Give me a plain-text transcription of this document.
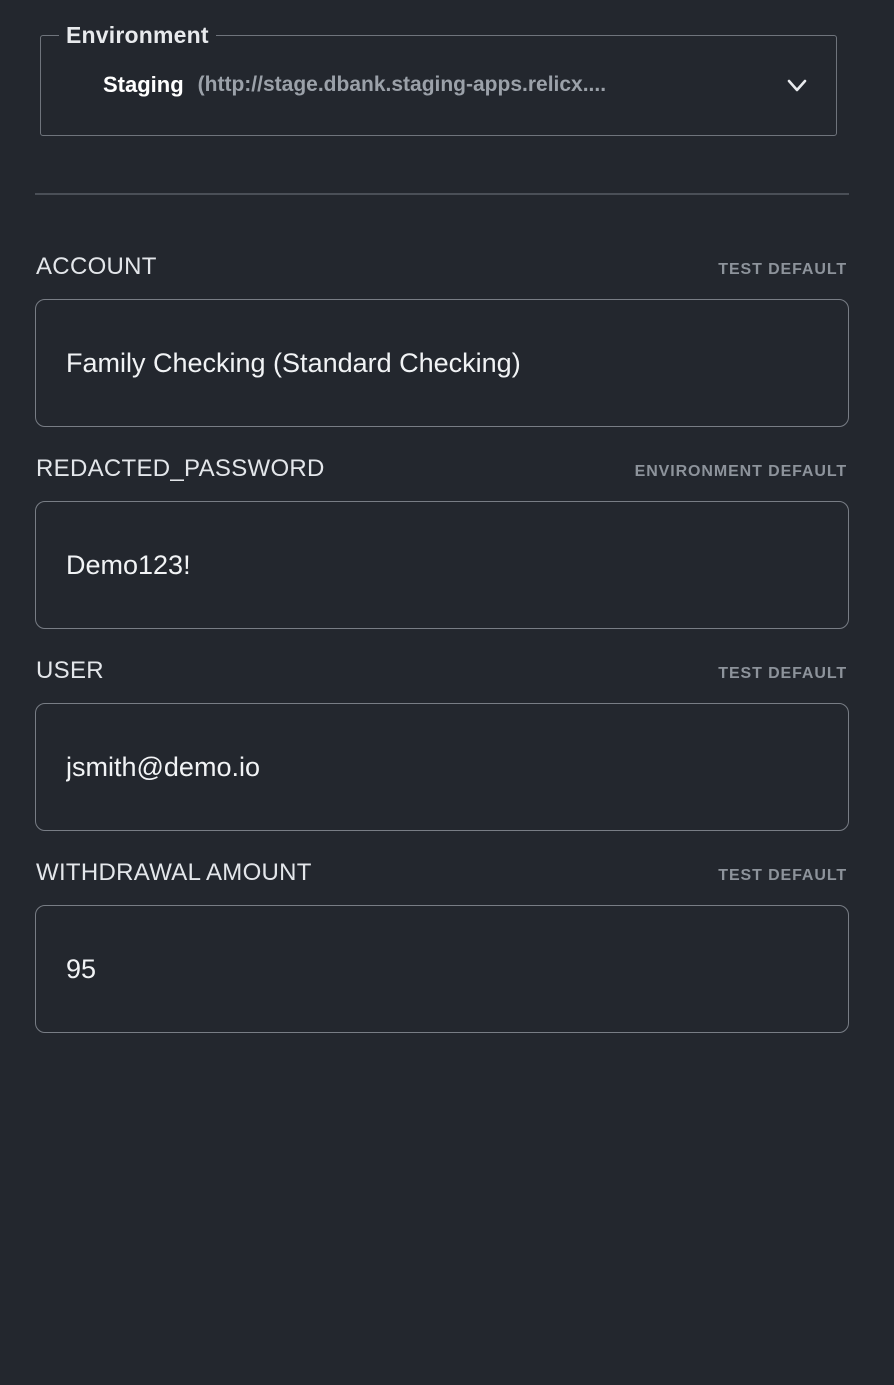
Environment
Staging (http://stage.dbank.staging-apps.relicx....
ACCOUNT	TEST DEFAULT
Family Checking (Standard Checking)
REDACTED_PASSWORD	ENVIRONMENT DEFAULT
Demo123!
USER	TEST DEFAULT
jsmith@demo.io
WITHDRAWAL AMOUNT	TEST DEFAULT
95
